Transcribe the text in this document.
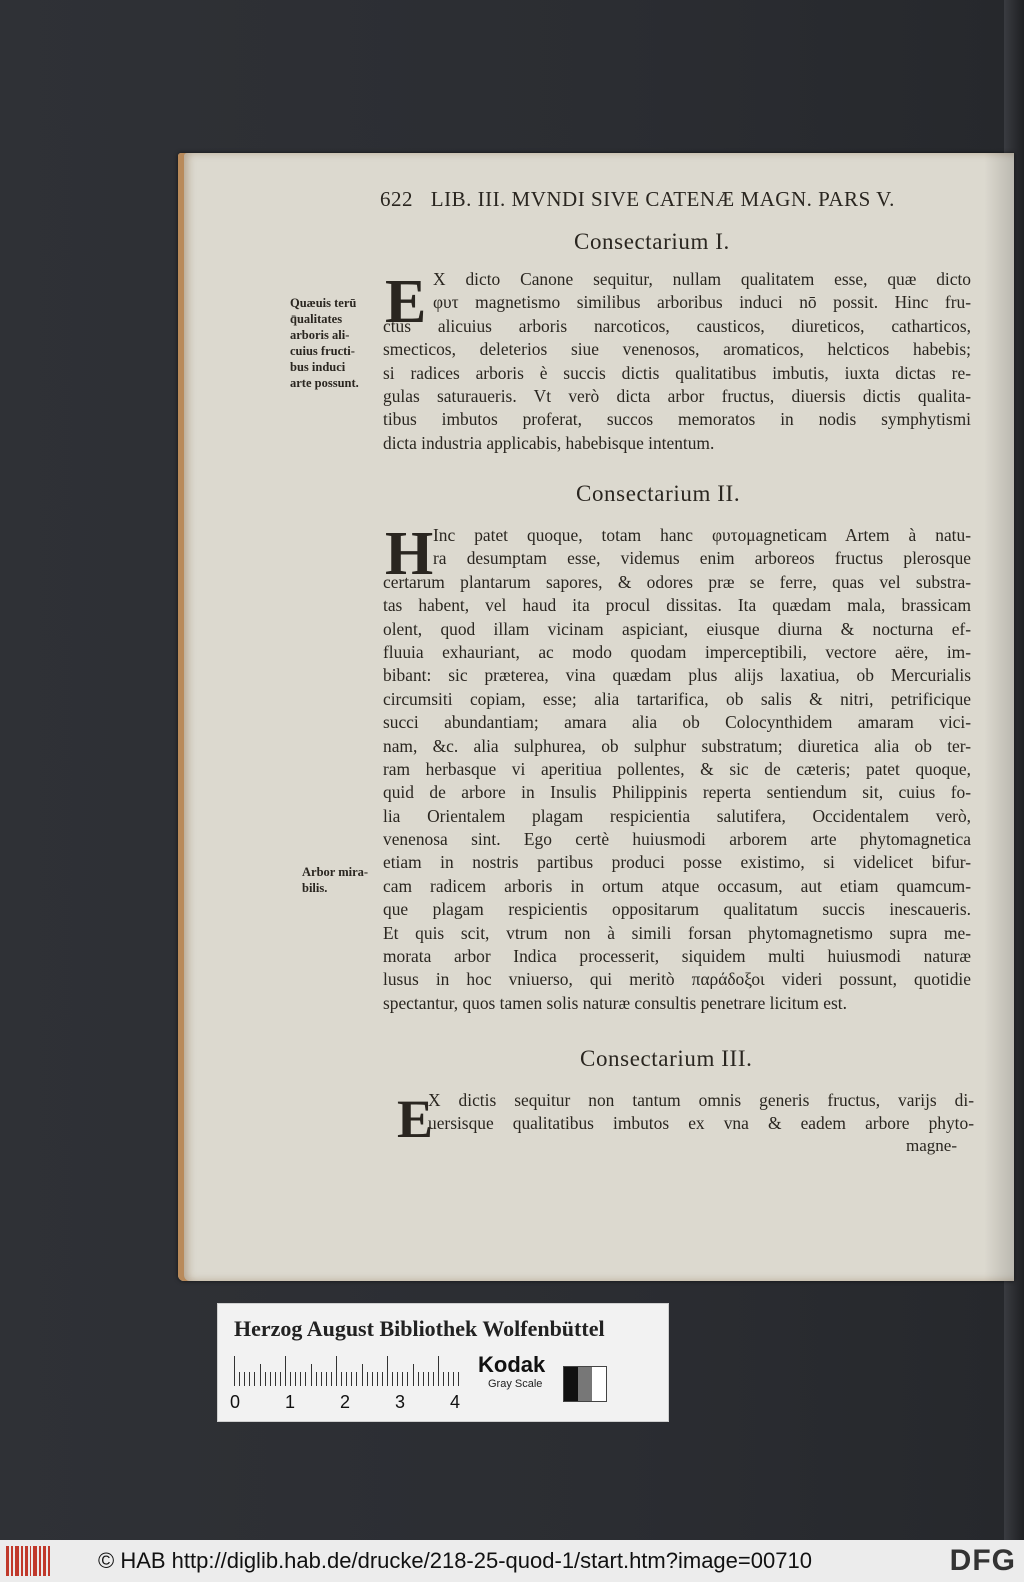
622 LIB. III. MVNDI SIVE CATENÆ MAGN. PARS V.
Consectarium I.
Quæuis terū
q̄ualitates
arboris ali-
cuius fructi-
bus induci
arte possunt.
E X dicto Canone sequitur, nullam qualitatem esse, quæ dicto
φυτ magnetismo similibus arboribus induci nō possit. Hinc fru-
ctus alicuius arboris narcoticos, causticos, diureticos, catharticos,
smecticos, deleterios siue venenosos, aromaticos, helcticos habebis;
si radices arboris è succis dictis qualitatibus imbutis, iuxta dictas re-
gulas saturaueris. Vt verò dicta arbor fructus, diuersis dictis qualita-
tibus imbutos proferat, succos memoratos in nodis symphytismi
dicta industria applicabis, habebisque intentum.
Consectarium II.
H Inc patet quoque, totam hanc φυτομagneticam Artem à natu-
ra desumptam esse, videmus enim arboreos fructus plerosque
certarum plantarum sapores, & odores præ se ferre, quas vel substra-
tas habent, vel haud ita procul dissitas. Ita quædam mala, brassicam
olent, quod illam vicinam aspiciant, eiusque diurna & nocturna ef-
fluuia exhauriant, ac modo quodam imperceptibili, vectore aëre, im-
bibant: sic præterea, vina quædam plus alijs laxatiua, ob Mercurialis
circumsiti copiam, esse; alia tartarifica, ob salis & nitri, petrificique
succi abundantiam; amara alia ob Colocynthidem amaram vici-
nam, &c. alia sulphurea, ob sulphur substratum; diuretica alia ob ter-
ram herbasque vi aperitiua pollentes, & sic de cæteris; patet quoque,
quid de arbore in Insulis Philippinis reperta sentiendum sit, cuius fo-
lia Orientalem plagam respicientia salutifera, Occidentalem verò,
venenosa sint. Ego certè huiusmodi arborem arte phytomagnetica
etiam in nostris partibus produci posse existimo, si videlicet bifur-
cam radicem arboris in ortum atque occasum, aut etiam quamcum-
que plagam respicientis oppositarum qualitatum succis inescaueris.
Et quis scit, vtrum non à simili forsan phytomagnetismo supra me-
morata arbor Indica processerit, siquidem multi huiusmodi naturæ
lusus in hoc vniuerso, qui meritò παράδοξοι videri possunt, quotidie
spectantur, quos tamen solis naturæ consultis penetrare licitum est.
Arbor mira-
bilis.
Consectarium III.
E
X dictis sequitur non tantum omnis generis fructus, varijs di-
uersisque qualitatibus imbutos ex vna & eadem arbore phyto-
magne-
Herzog August Bibliothek Wolfenbüttel
0 1 2 3 4
Kodak
Gray Scale
© HAB http://diglib.hab.de/drucke/218-25-quod-1/start.htm?image=00710	DFG
